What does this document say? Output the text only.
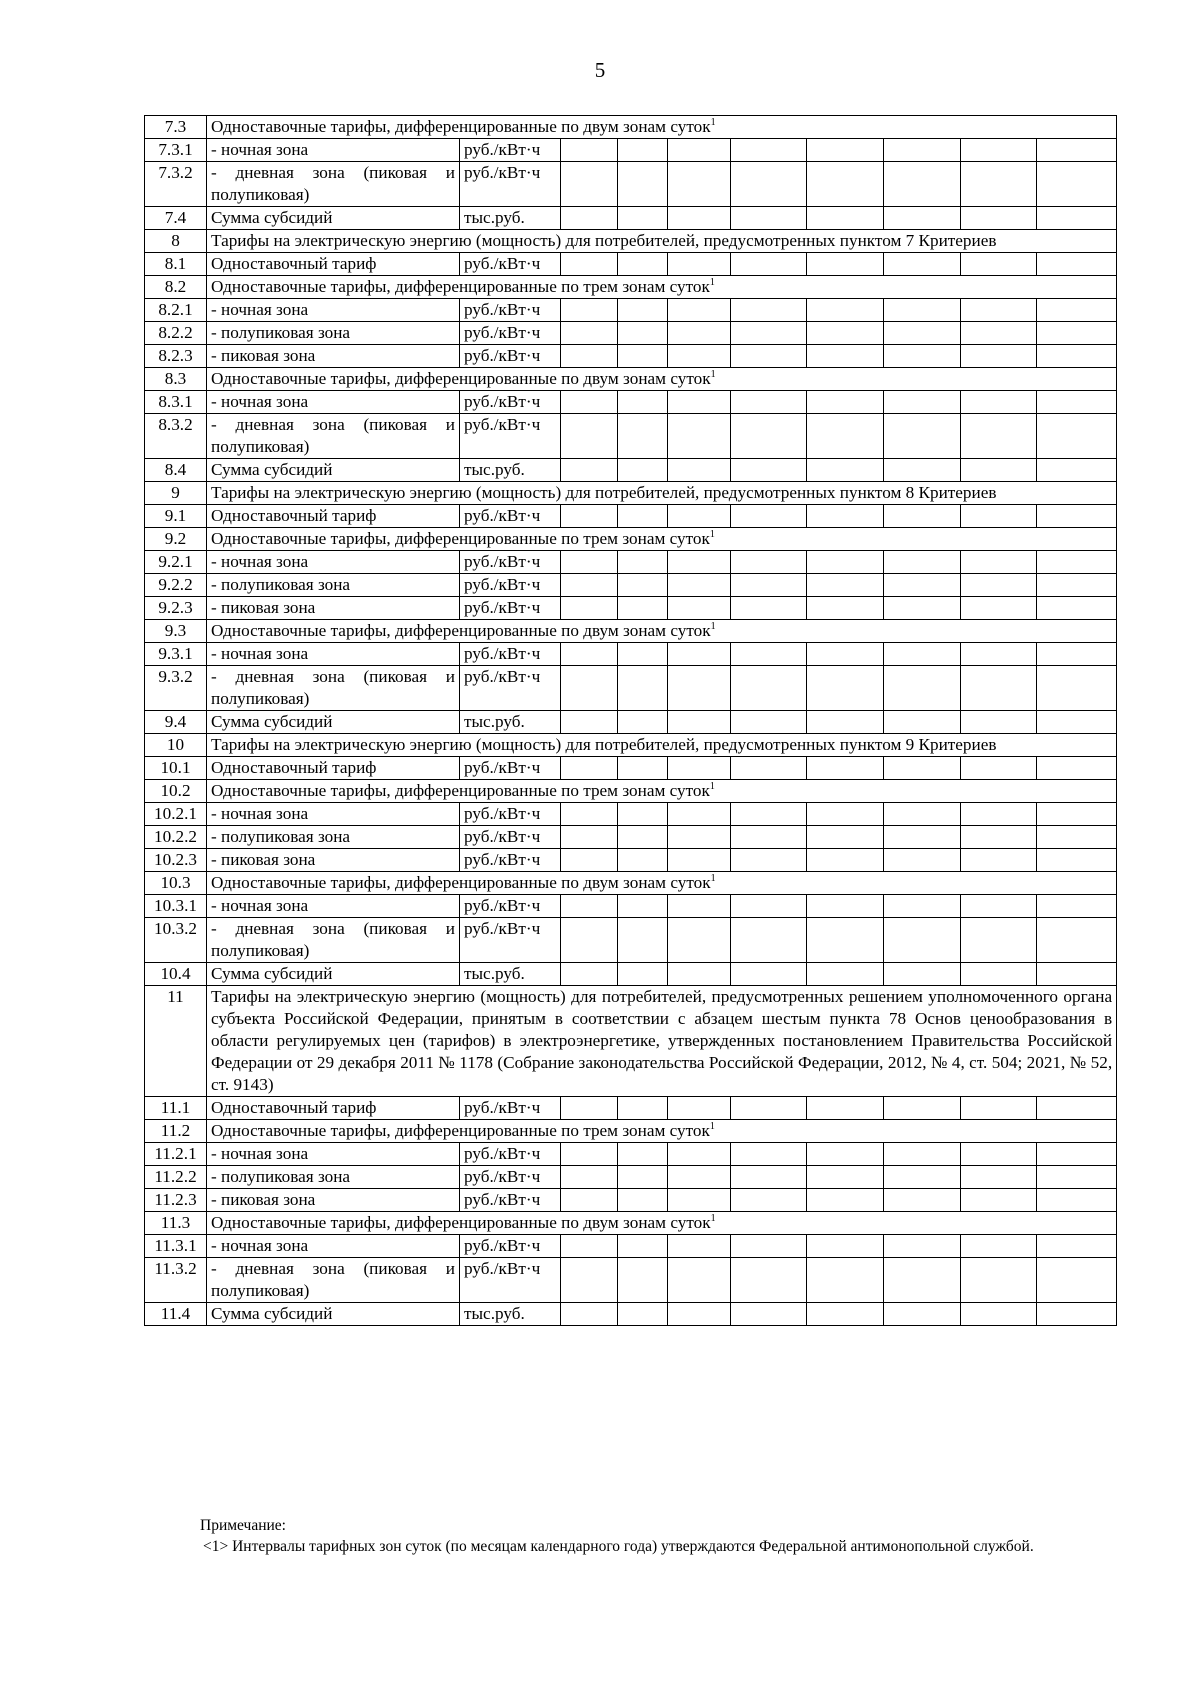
5
7.3	Одноставочные тарифы, дифференцированные по двум зонам суток$^1$
7.3.1	- ночная зона	руб./кВт·ч								
7.3.2	- дневная зона (пиковая и полупиковая)	руб./кВт·ч								
7.4	Сумма субсидий	тыс.руб.								
8	Тарифы на электрическую энергию (мощность) для потребителей, предусмотренных пунктом 7 Критериев									
8.1	Одноставочный тариф	руб./кВт·ч								
8.2	Одноставочные тарифы, дифференцированные по трем зонам суток$^1$
8.2.1	- ночная зона	руб./кВт·ч								
8.2.2	- полупиковая зона	руб./кВт·ч								
8.2.3	- пиковая зона	руб./кВт·ч								
8.3	Одноставочные тарифы, дифференцированные по двум зонам суток$^1$
8.3.1	- ночная зона	руб./кВт·ч								
8.3.2	- дневная зона (пиковая и полупиковая)	руб./кВт·ч								
8.4	Сумма субсидий	тыс.руб.								
9	Тарифы на электрическую энергию (мощность) для потребителей, предусмотренных пунктом 8 Критериев									
9.1	Одноставочный тариф	руб./кВт·ч								
9.2	Одноставочные тарифы, дифференцированные по трем зонам суток$^1$
9.2.1	- ночная зона	руб./кВт·ч								
9.2.2	- полупиковая зона	руб./кВт·ч								
9.2.3	- пиковая зона	руб./кВт·ч								
9.3	Одноставочные тарифы, дифференцированные по двум зонам суток$^1$
9.3.1	- ночная зона	руб./кВт·ч								
9.3.2	- дневная зона (пиковая и полупиковая)	руб./кВт·ч								
9.4	Сумма субсидий	тыс.руб.								
10	Тарифы на электрическую энергию (мощность) для потребителей, предусмотренных пунктом 9 Критериев									
10.1	Одноставочный тариф	руб./кВт·ч								
10.2	Одноставочные тарифы, дифференцированные по трем зонам суток$^1$
10.2.1	- ночная зона	руб./кВт·ч								
10.2.2	- полупиковая зона	руб./кВт·ч								
10.2.3	- пиковая зона	руб./кВт·ч								
10.3	Одноставочные тарифы, дифференцированные по двум зонам суток$^1$
10.3.1	- ночная зона	руб./кВт·ч								
10.3.2	- дневная зона (пиковая и полупиковая)	руб./кВт·ч								
10.4	Сумма субсидий	тыс.руб.								
11	Тарифы на электрическую энергию (мощность) для потребителей, предусмотренных решением уполномоченного органа субъекта Российской Федерации, принятым в соответствии с абзацем шестым пункта 78 Основ ценообразования в области регулируемых цен (тарифов) в электроэнергетике, утвержденных постановлением Правительства Российской Федерации от 29 декабря 2011 № 1178 (Собрание законодательства Российской Федерации, 2012, № 4, ст. 504; 2021, № 52, ст. 9143)									
11.1	Одноставочный тариф	руб./кВт·ч								
11.2	Одноставочные тарифы, дифференцированные по трем зонам суток$^1$
11.2.1	- ночная зона	руб./кВт·ч								
11.2.2	- полупиковая зона	руб./кВт·ч								
11.2.3	- пиковая зона	руб./кВт·ч								
11.3	Одноставочные тарифы, дифференцированные по двум зонам суток$^1$
11.3.1	- ночная зона	руб./кВт·ч								
11.3.2	- дневная зона (пиковая и полупиковая)	руб./кВт·ч								
11.4	Сумма субсидий	тыс.руб.								
Примечание:
<1> Интервалы тарифных зон суток (по месяцам календарного года) утверждаются Федеральной антимонопольной службой.
